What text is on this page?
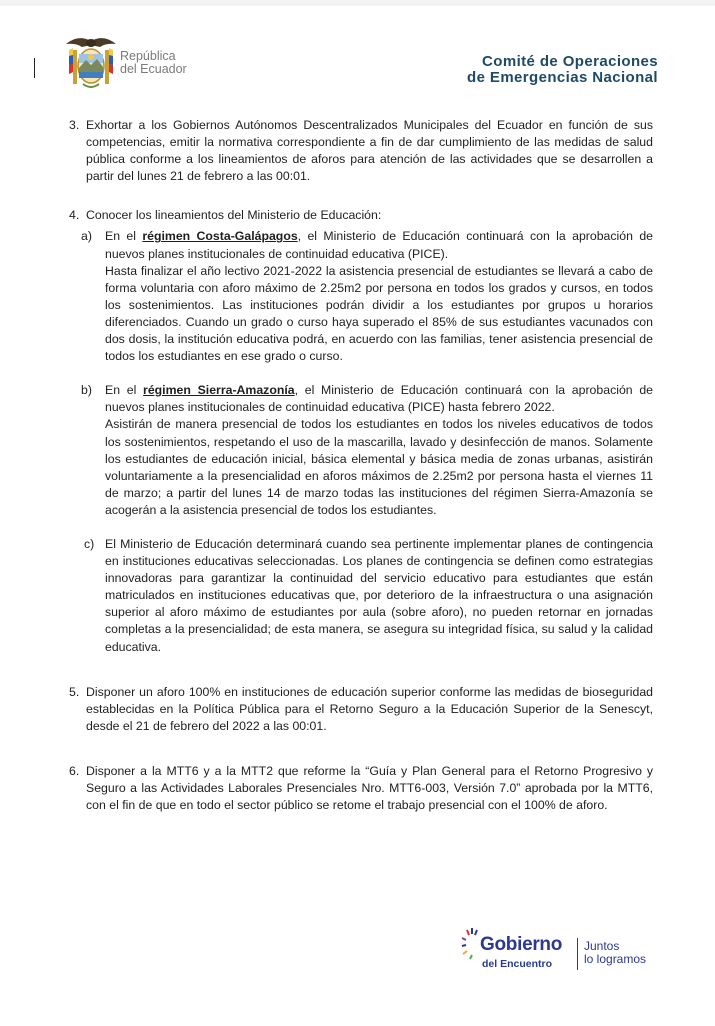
República
del Ecuador	Comité de Operaciones
de Emergencias Nacional
3. Exhortar a los Gobiernos Autónomos Descentralizados Municipales del Ecuador en función de sus competencias, emitir la normativa correspondiente a fin de dar cumplimiento de las medidas de salud pública conforme a los lineamientos de aforos para atención de las actividades que se desarrollen a partir del lunes 21 de febrero a las 00:01.
4. Conocer los lineamientos del Ministerio de Educación:
a) En el régimen Costa-Galápagos, el Ministerio de Educación continuará con la aprobación de nuevos planes institucionales de continuidad educativa (PICE).
Hasta finalizar el año lectivo 2021-2022 la asistencia presencial de estudiantes se llevará a cabo de forma voluntaria con aforo máximo de 2.25m2 por persona en todos los grados y cursos, en todos los sostenimientos. Las instituciones podrán dividir a los estudiantes por grupos u horarios diferenciados. Cuando un grado o curso haya superado el 85% de sus estudiantes vacunados con dos dosis, la institución educativa podrá, en acuerdo con las familias, tener asistencia presencial de todos los estudiantes en ese grado o curso.
b) En el régimen Sierra-Amazonía, el Ministerio de Educación continuará con la aprobación de nuevos planes institucionales de continuidad educativa (PICE) hasta febrero 2022.
Asistirán de manera presencial de todos los estudiantes en todos los niveles educativos de todos los sostenimientos, respetando el uso de la mascarilla, lavado y desinfección de manos. Solamente los estudiantes de educación inicial, básica elemental y básica media de zonas urbanas, asistirán voluntariamente a la presencialidad en aforos máximos de 2.25m2 por persona hasta el viernes 11 de marzo; a partir del lunes 14 de marzo todas las instituciones del régimen Sierra-Amazonía se acogerán a la asistencia presencial de todos los estudiantes.
c) El Ministerio de Educación determinará cuando sea pertinente implementar planes de contingencia en instituciones educativas seleccionadas. Los planes de contingencia se definen como estrategias innovadoras para garantizar la continuidad del servicio educativo para estudiantes que están matriculados en instituciones educativas que, por deterioro de la infraestructura o una asignación superior al aforo máximo de estudiantes por aula (sobre aforo), no pueden retornar en jornadas completas a la presencialidad; de esta manera, se asegura su integridad física, su salud y la calidad educativa.
5. Disponer un aforo 100% en instituciones de educación superior conforme las medidas de bioseguridad establecidas en la Política Pública para el Retorno Seguro a la Educación Superior de la Senescyt, desde el 21 de febrero del 2022 a las 00:01.
6. Disponer a la MTT6 y a la MTT2 que reforme la “Guía y Plan General para el Retorno Progresivo y Seguro a las Actividades Laborales Presenciales Nro. MTT6-003, Versión 7.0” aprobada por la MTT6, con el fin de que en todo el sector público se retome el trabajo presencial con el 100% de aforo.
Gobierno
del Encuentro
Juntos
lo logramos
